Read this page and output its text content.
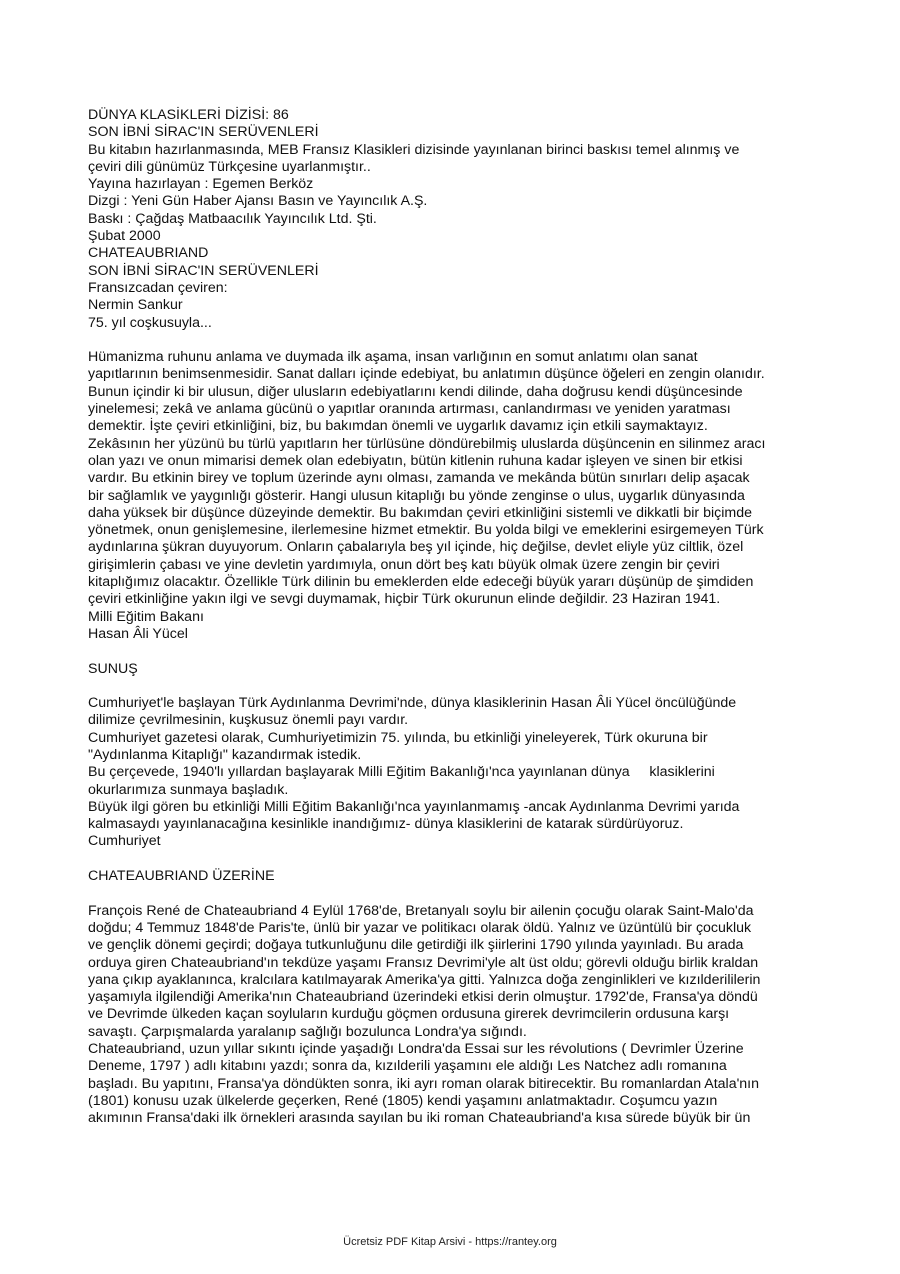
DÜNYA KLASİKLERİ DİZİSİ: 86
SON İBNİ SİRAC'IN SERÜVENLERİ
Bu kitabın hazırlanmasında, MEB Fransız Klasikleri dizisinde yayınlanan birinci baskısı temel alınmış ve
çeviri dili günümüz Türkçesine uyarlanmıştır..
Yayına hazırlayan : Egemen Berköz
Dizgi : Yeni Gün Haber Ajansı Basın ve Yayıncılık A.Ş.
Baskı : Çağdaş Matbaacılık Yayıncılık Ltd. Şti.
Şubat 2000
CHATEAUBRIAND
SON İBNİ SİRAC'IN SERÜVENLERİ
Fransızcadan çeviren:
Nermin Sankur
75. yıl coşkusuyla...
Hümanizma ruhunu anlama ve duymada ilk aşama, insan varlığının en somut anlatımı olan sanat
yapıtlarının benimsenmesidir. Sanat dalları içinde edebiyat, bu anlatımın düşünce öğeleri en zengin olanıdır.
Bunun içindir ki bir ulusun, diğer ulusların edebiyatlarını kendi dilinde, daha doğrusu kendi düşüncesinde
yinelemesi; zekâ ve anlama gücünü o yapıtlar oranında artırması, canlandırması ve yeniden yaratması
demektir. İşte çeviri etkinliğini, biz, bu bakımdan önemli ve uygarlık davamız için etkili saymaktayız.
Zekâsının her yüzünü bu türlü yapıtların her türlüsüne döndürebilmiş uluslarda düşüncenin en silinmez aracı
olan yazı ve onun mimarisi demek olan edebiyatın, bütün kitlenin ruhuna kadar işleyen ve sinen bir etkisi
vardır. Bu etkinin birey ve toplum üzerinde aynı olması, zamanda ve mekânda bütün sınırları delip aşacak
bir sağlamlık ve yaygınlığı gösterir. Hangi ulusun kitaplığı bu yönde zenginse o ulus, uygarlık dünyasında
daha yüksek bir düşünce düzeyinde demektir. Bu bakımdan çeviri etkinliğini sistemli ve dikkatli bir biçimde
yönetmek, onun genişlemesine, ilerlemesine hizmet etmektir. Bu yolda bilgi ve emeklerini esirgemeyen Türk
aydınlarına şükran duyuyorum. Onların çabalarıyla beş yıl içinde, hiç değilse, devlet eliyle yüz ciltlik, özel
girişimlerin çabası ve yine devletin yardımıyla, onun dört beş katı büyük olmak üzere zengin bir çeviri
kitaplığımız olacaktır. Özellikle Türk dilinin bu emeklerden elde edeceği büyük yararı düşünüp de şimdiden
çeviri etkinliğine yakın ilgi ve sevgi duymamak, hiçbir Türk okurunun elinde değildir. 23 Haziran 1941.
Milli Eğitim Bakanı
Hasan Âli Yücel
SUNUŞ
Cumhuriyet'le başlayan Türk Aydınlanma Devrimi'nde, dünya klasiklerinin Hasan Âli Yücel öncülüğünde
dilimize çevrilmesinin, kuşkusuz önemli payı vardır.
Cumhuriyet gazetesi olarak, Cumhuriyetimizin 75. yılında, bu etkinliği yineleyerek, Türk okuruna bir
"Aydınlanma Kitaplığı" kazandırmak istedik.
Bu çerçevede, 1940'lı yıllardan başlayarak Milli Eğitim Bakanlığı'nca yayınlanan dünya     klasiklerini
okurlarımıza sunmaya başladık.
Büyük ilgi gören bu etkinliği Milli Eğitim Bakanlığı'nca yayınlanmamış -ancak Aydınlanma Devrimi yarıda
kalmasaydı yayınlanacağına kesinlikle inandığımız- dünya klasiklerini de katarak sürdürüyoruz.
Cumhuriyet
CHATEAUBRIAND ÜZERİNE
François René de Chateaubriand 4 Eylül 1768'de, Bretanyalı soylu bir ailenin çocuğu olarak Saint-Malo'da
doğdu; 4 Temmuz 1848'de Paris'te, ünlü bir yazar ve politikacı olarak öldü. Yalnız ve üzüntülü bir çocukluk
ve gençlik dönemi geçirdi; doğaya tutkunluğunu dile getirdiği ilk şiirlerini 1790 yılında yayınladı. Bu arada
orduya giren Chateaubriand'ın tekdüze yaşamı Fransız Devrimi'yle alt üst oldu; görevli olduğu birlik kraldan
yana çıkıp ayaklanınca, kralcılara katılmayarak Amerika'ya gitti. Yalnızca doğa zenginlikleri ve kızılderililerin
yaşamıyla ilgilendiği Amerika'nın Chateaubriand üzerindeki etkisi derin olmuştur. 1792'de, Fransa'ya döndü
ve Devrimde ülkeden kaçan soyluların kurduğu göçmen ordusuna girerek devrimcilerin ordusuna karşı
savaştı. Çarpışmalarda yaralanıp sağlığı bozulunca Londra'ya sığındı.
Chateaubriand, uzun yıllar sıkıntı içinde yaşadığı Londra'da Essai sur les révolutions ( Devrimler Üzerine
Deneme, 1797 ) adlı kitabını yazdı; sonra da, kızılderili yaşamını ele aldığı Les Natchez adlı romanına
başladı. Bu yapıtını, Fransa'ya döndükten sonra, iki ayrı roman olarak bitirecektir. Bu romanlardan Atala'nın
(1801) konusu uzak ülkelerde geçerken, René (1805) kendi yaşamını anlatmaktadır. Coşumcu yazın
akımının Fransa'daki ilk örnekleri arasında sayılan bu iki roman Chateaubriand'a kısa sürede büyük bir ün
Ücretsiz PDF Kitap Arsivi - https://rantey.org
